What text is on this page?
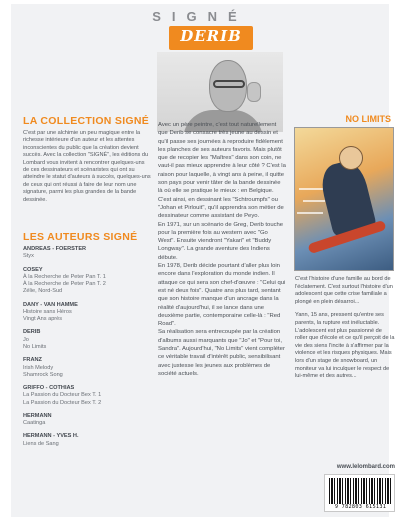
SIGNÉ
DERIB
LA COLLECTION SIGNÉ
C'est par une alchimie un peu magique entre la richesse intérieure d'un auteur et les attentes inconscientes du public que la création devient succès. Avec la collection "SIGNÉ", les éditions du Lombard vous invitent à rencontrer quelques-uns de ces dessinateurs et scénaristes qui ont su atteindre le statut d'auteurs à succès, quelques-uns de ceux qui ont réussi à faire de leur nom une signature, parmi les plus grandes de la bande dessinée.
LES AUTEURS SIGNÉ
ANDREAS - FOERSTER
Styx
COSEY
À la Recherche de Peter Pan T. 1
À la Recherche de Peter Pan T. 2
Zélie, Nord-Sud
DANY - VAN HAMME
Histoire sans Héros
Vingt Ans après
DERIB
Jo
No Limits
FRANZ
Irish Melody
Shamrock Song
GRIFFO - COTHIAS
La Passion du Docteur Bex T. 1
La Passion du Docteur Bex T. 2
HERMANN
Caatinga
HERMANN - YVES H.
Liens de Sang

Avec un père peintre, c'est tout naturellement que Derib se consacre très jeune au dessin et qu'il passe ses journées à reproduire fidèlement les planches de ses auteurs favoris. Mais plutôt que de recopier les "Maîtres" dans son coin, ne vaut-il pas mieux apprendre à leur côté ? C'est la raison pour laquelle, à vingt ans à peine, il quitte son pays pour venir tâter de la bande dessinée là où elle se pratique le mieux : en Belgique. C'est ainsi, en dessinant les "Schtroumpfs" ou "Johan et Pirlouit", qu'il apprendra son métier de dessinateur comme assistant de Peyo.

En 1971, sur un scénario de Greg, Derib touche pour la première fois au western avec "Go West". Ensuite viendront "Yakari" et "Buddy Longway". La grande aventure des Indiens débute.

En 1978, Derib décide pourtant d'aller plus loin encore dans l'exploration du monde indien. Il attaque ce qui sera son chef-d'œuvre : "Celui qui est né deux fois". Quatre ans plus tard, sentant que son histoire manque d'un ancrage dans la réalité d'aujourd'hui, il se lance dans une deuxième partie, contemporaine celle-là : "Red Road".

Sa réalisation sera entrecoupée par la création d'albums aussi marquants que "Jo" et "Pour toi, Sandra". Aujourd'hui, "No Limits" vient compléter ce véritable travail d'intérêt public, sensibilisant avec justesse les jeunes aux problèmes de société actuels.

NO LIMITS

C'est l'histoire d'une famille au bord de l'éclatement. C'est surtout l'histoire d'un adolescent que cette crise familiale a plongé en plein désarroi...

Yann, 15 ans, pressent qu'entre ses parents, la rupture est inéluctable. L'adolescent est plus passionné de roller que d'école et ce qu'il perçoit de la vie des siens l'incite à s'affirmer par la violence et les risques physiques. Mais lors d'un stage de snowboard, un moniteur va lui inculquer le respect de lui-même et des autres...

www.lelombard.com
9 782803 615131
